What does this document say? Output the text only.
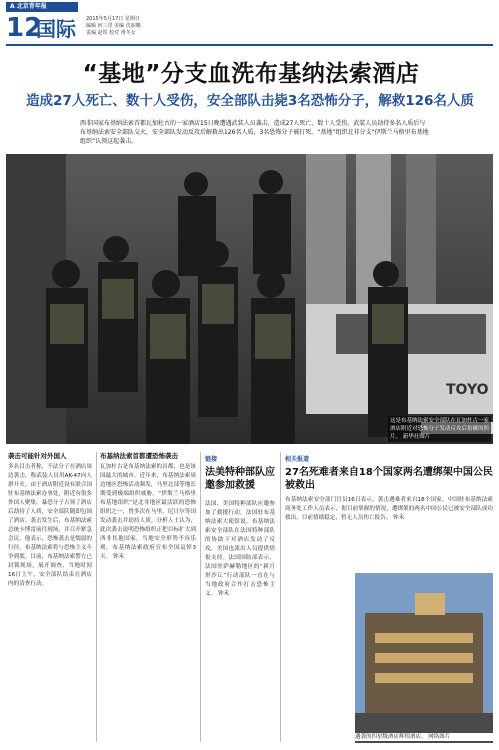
A 北京青年报
12
国际 2015年5月17日 星期日
编辑 何三里 美编 沈丽娜
责编 赵铁 校对 黄冬女
“基地”分支血洗布基纳法索酒店
造成27人死亡、数十人受伤，安全部队击毙3名恐怖分子，解救126名人质
西非国家布基纳法索首都瓦加杜古的一家酒店15日晚遭遇武装人员袭击，造成27人死亡、数十人受伤。武装人员劫持多名人质后与布基纳法索安全部队交火，安全部队发动反攻后解救出126名人质，3名恐怖分子被打死。“基地”组织北非分支“伊斯兰马格里布基地组织”认领这起袭击。
TOYO
这是布基纳法索安全部队在瓦加杜古一家酒店附近对恐怖分子发动反攻后拍摄的照片。 新华社图片
袭击可能针对外国人
多名目击者称，不法分子在酒店周边袭击，称武装人员用AK-47向人群开火。由于酒店附近设有联合国驻布基纳法索办事处，附近有很多外国人聚集。暴恐分子占领了酒店后劫持了人质，安全部队随即包围了酒店。袭击发生后，布基纳法索总统卡博雷前往现场，并召开紧急会议。他表示，恐怖袭击是懦弱的行径，布基纳法索将与恐怖主义斗争到底。目前，布基纳法索警方已封锁现场，展开调查。当地时间16日上午，安全部队结束在酒店内的清查行动。
布基纳法索首都遭恐怖袭击
瓦加杜古是布基纳法索的首都，也是该国最大的城市。近年来，布基纳法索周边地区恐怖活动频发，马里北部等地长期受到极端组织威胁。“伊斯兰马格里布基地组织”是北非地区最活跃的恐怖组织之一，曾多次在马里、尼日尔等国发动袭击并劫持人质。分析人士认为，此次袭击说明恐怖组织正把目标扩大到西非其他国家，当地安全形势不容乐观。布基纳法索政府宣布全国哀悼3天。 钟禾
链接
法美特种部队应邀参加救援
法国、美国特种部队应邀参加了救援行动。法国驻布基纳法索大使馆说，布基纳法索安全部队在法国特种部队的协助下对酒店发动了反攻，美国也派出人员提供情报支持。法国国防部表示，法国驻萨赫勒地区的“新月形沙丘”行动部队一直在与当地政府合作打击恐怖主义。 钟禾
相关报道
27名死难者来自18个国家两名遭绑架中国公民被救出
布基纳法索安全部门官员16日表示，袭击遇难者来自18个国家。中国驻布基纳法索商务处工作人员表示，据目前掌握的情况，遭绑架的两名中国公民已被安全部队成功救出，目前情绪稳定，暂无人员伤亡报告。 钟禾
遇袭的四星级酒店辉煌酒店。 网络图片
